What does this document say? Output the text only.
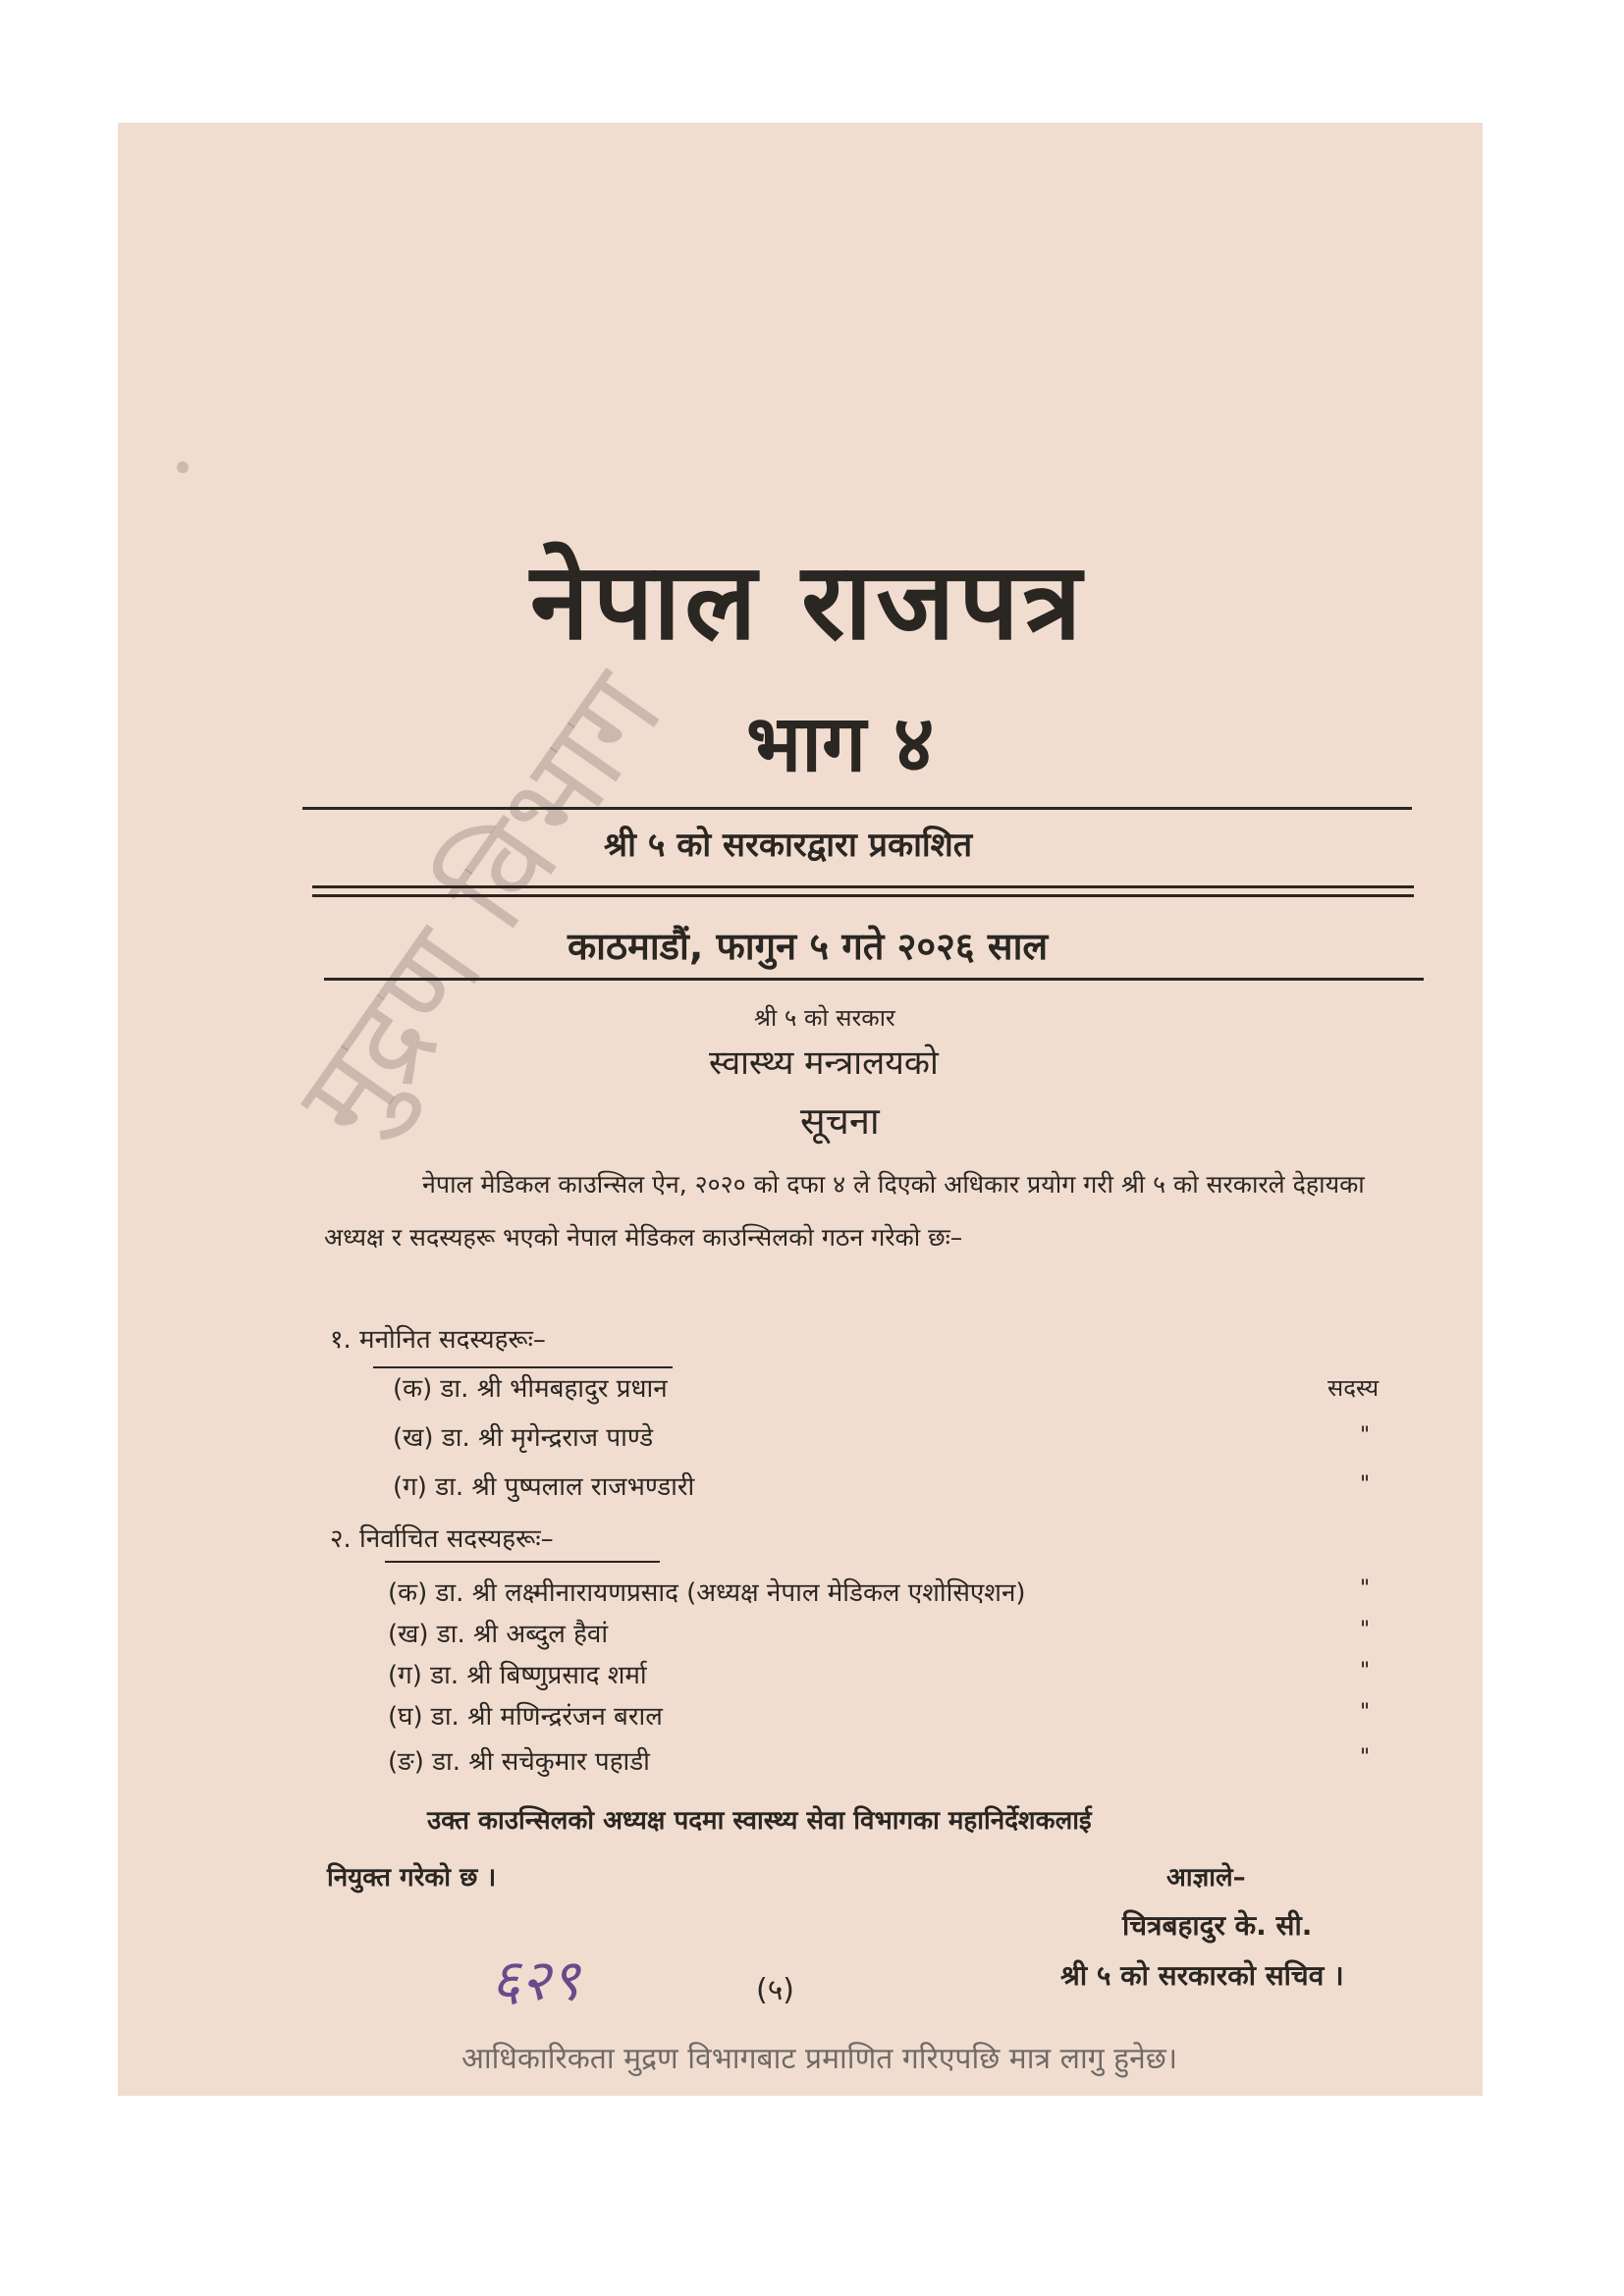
मुद्रण विभाग
नेपाल राजपत्र
भाग ४
श्री ५ को सरकारद्वारा प्रकाशित
काठमाडौं, फागुन ५ गते २०२६ साल
श्री ५ को सरकार
स्वास्थ्य मन्त्रालयको
सूचना
नेपाल मेडिकल काउन्सिल ऐन, २०२० को दफा ४ ले दिएको अधिकार प्रयोग गरी श्री ५ को सरकारले देहायका अध्यक्ष र सदस्यहरू भएको नेपाल मेडिकल काउन्सिलको गठन गरेको छः–
१. मनोनित सदस्यहरूः–
(क) डा. श्री भीमबहादुर प्रधान	सदस्य
(ख) डा. श्री मृगेन्द्रराज पाण्डे	"
(ग) डा. श्री पुष्पलाल राजभण्डारी	"
२. निर्वाचित सदस्यहरूः–
(क) डा. श्री लक्ष्मीनारायणप्रसाद (अध्यक्ष नेपाल मेडिकल एशोसिएशन)	"
(ख) डा. श्री अब्दुल हैवां	"
(ग) डा. श्री बिष्णुप्रसाद शर्मा	"
(घ) डा. श्री मणिन्द्ररंजन बराल	"
(ङ) डा. श्री सचेकुमार पहाडी	"
उक्त काउन्सिलको अध्यक्ष पदमा स्वास्थ्य सेवा विभागका महानिर्देशकलाई
नियुक्त गरेको छ ।	आज्ञाले–
चित्रबहादुर के. सी.
श्री ५ को सरकारको सचिव ।
(५)
६२९
आधिकारिकता मुद्रण विभागबाट प्रमाणित गरिएपछि मात्र लागु हुनेछ।
